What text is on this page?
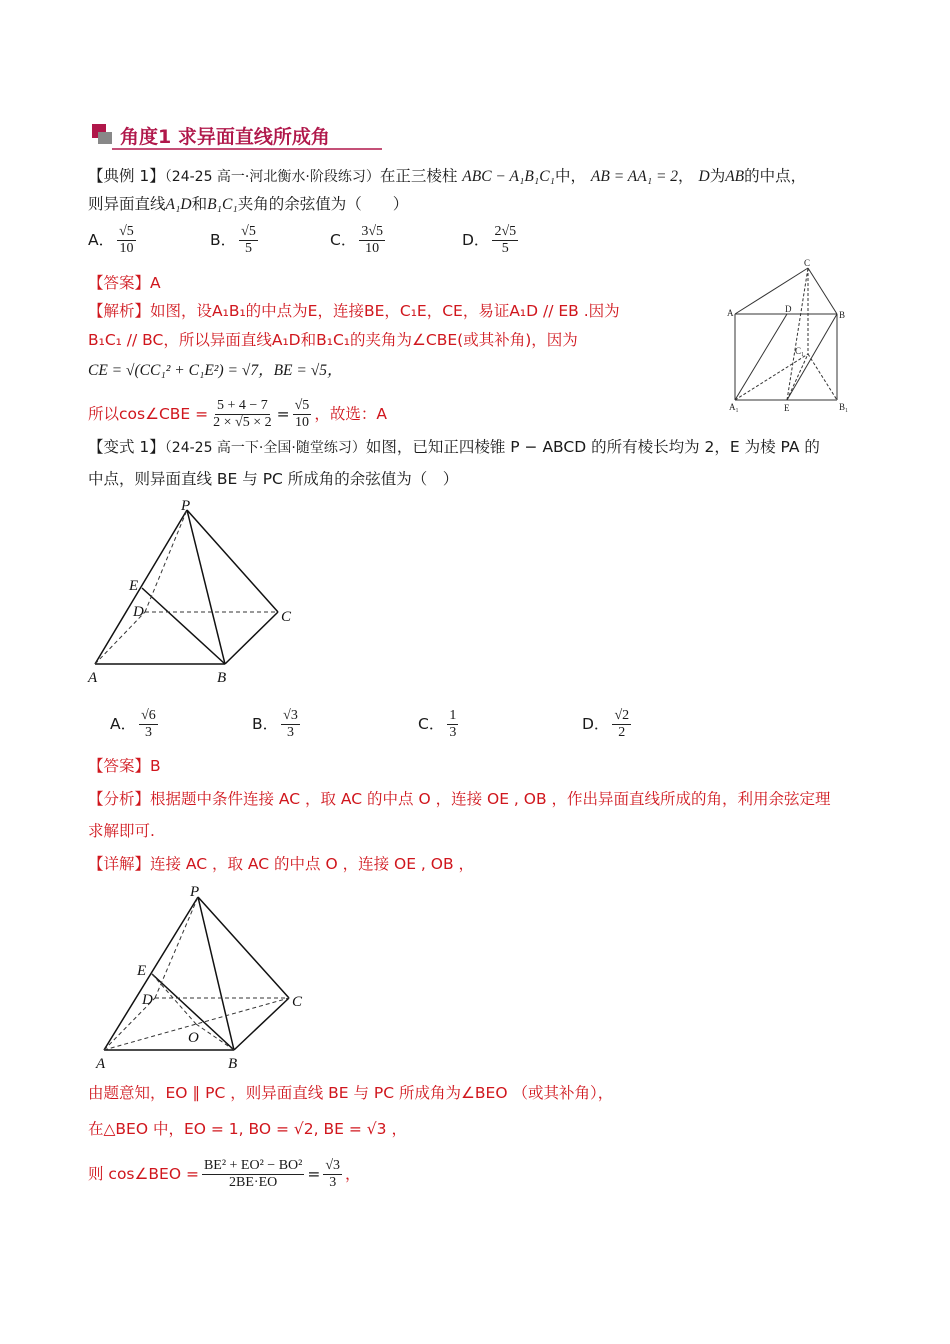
角度1 求异面直线所成角
【典例 1】（24-25 高一·河北衡水·阶段练习）在正三棱柱 ABC − A₁B₁C₁中， AB = AA₁ = 2， D为AB的中点，
则异面直线A₁D和B₁C₁夹角的余弦值为（　　）
A． $\frac{√5}{10}$	B． $\frac{√5}{5}$	C． $\frac{3√5}{10}$	D． $\frac{2√5}{5}$
【答案】A
【解析】如图，设A₁B₁的中点为E，连接BE，C₁E，CE，易证A₁D // EB .因为
B₁C₁ // BC，所以异面直线A₁D和B₁C₁的夹角为∠CBE(或其补角)，因为
CE = √(CC₁² + C₁E²) = √7，BE = √5，
所以cos∠CBE = $\frac{5 + 4 - 7}{2 \times √5 \times 2} = \frac{√5}{10}$ ，故选：A
C
A	D
B
C₁
A₁	E	B₁
【变式 1】（24-25 高一下·全国·随堂练习）如图，已知正四棱锥 P − ABCD 的所有棱长均为 2，E 为棱 PA 的
中点，则异面直线 BE 与 PC 所成角的余弦值为（　）
P
E
D	C
A	B
A． $\frac{√6}{3}$	B． $\frac{√3}{3}$	C． $\frac{1}{3}$	D． $\frac{√2}{2}$
【答案】B
【分析】根据题中条件连接 AC ，取 AC 的中点 O ，连接 OE , OB ，作出异面直线所成的角，利用余弦定理
求解即可.
【详解】连接 AC ，取 AC 的中点 O ，连接 OE , OB ，
P
E
D	C
O
A	B
由题意知，EO ∥ PC ，则异面直线 BE 与 PC 所成角为∠BEO （或其补角），
在△BEO 中，EO = 1, BO = √2, BE = √3 ，
则 cos∠BEO = $\frac{\text{BE² + EO² − BO²}}{2BE\cdot EO} = \frac{√3}{3}$ ，
